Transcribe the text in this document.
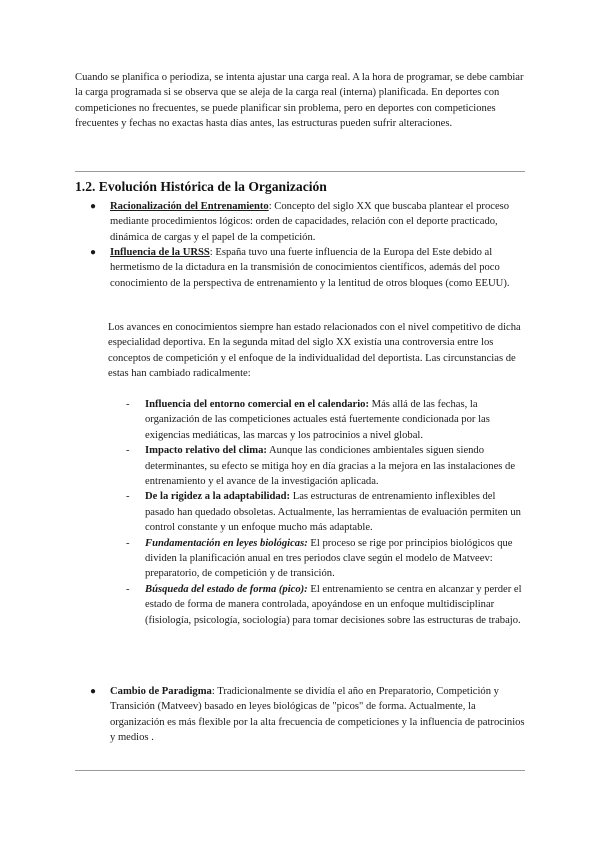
Cuando se planifica o periodiza, se intenta ajustar una carga real. A la hora de programar, se debe cambiar la carga programada si se observa que se aleja de la carga real (interna) planificada. En deportes con competiciones no frecuentes, se puede planificar sin problema, pero en deportes con competiciones frecuentes y fechas no exactas hasta días antes, las estructuras pueden sufrir alteraciones.

1.2. Evolución Histórica de la Organización
●	Racionalización del Entrenamiento: Concepto del siglo XX que buscaba plantear el proceso mediante procedimientos lógicos: orden de capacidades, relación con el deporte practicado, dinámica de cargas y el papel de la competición.
●	Influencia de la URSS: España tuvo una fuerte influencia de la Europa del Este debido al hermetismo de la dictadura en la transmisión de conocimientos científicos, además del poco conocimiento de la perspectiva de entrenamiento y la lentitud de otros bloques (como EEUU).

Los avances en conocimientos siempre han estado relacionados con el nivel competitivo de dicha especialidad deportiva. En la segunda mitad del siglo XX existía una controversia entre los conceptos de competición y el enfoque de la individualidad del deportista. Las circunstancias de estas han cambiado radicalmente:

- Influencia del entorno comercial en el calendario: Más allá de las fechas, la organización de las competiciones actuales está fuertemente condicionada por las exigencias mediáticas, las marcas y los patrocinios a nivel global.
- Impacto relativo del clima: Aunque las condiciones ambientales siguen siendo determinantes, su efecto se mitiga hoy en día gracias a la mejora en las instalaciones de entrenamiento y el avance de la investigación aplicada.
- De la rigidez a la adaptabilidad: Las estructuras de entrenamiento inflexibles del pasado han quedado obsoletas. Actualmente, las herramientas de evaluación permiten un control constante y un enfoque mucho más adaptable.
- Fundamentación en leyes biológicas: El proceso se rige por principios biológicos que dividen la planificación anual en tres periodos clave según el modelo de Matveev: preparatorio, de competición y de transición.
- Búsqueda del estado de forma (pico): El entrenamiento se centra en alcanzar y perder el estado de forma de manera controlada, apoyándose en un enfoque multidisciplinar (fisiología, psicología, sociología) para tomar decisiones sobre las estructuras de trabajo.
●	Cambio de Paradigma: Tradicionalmente se dividía el año en Preparatorio, Competición y Transición (Matveev) basado en leyes biológicas de "picos" de forma. Actualmente, la organización es más flexible por la alta frecuencia de competiciones y la influencia de patrocinios y medios .
